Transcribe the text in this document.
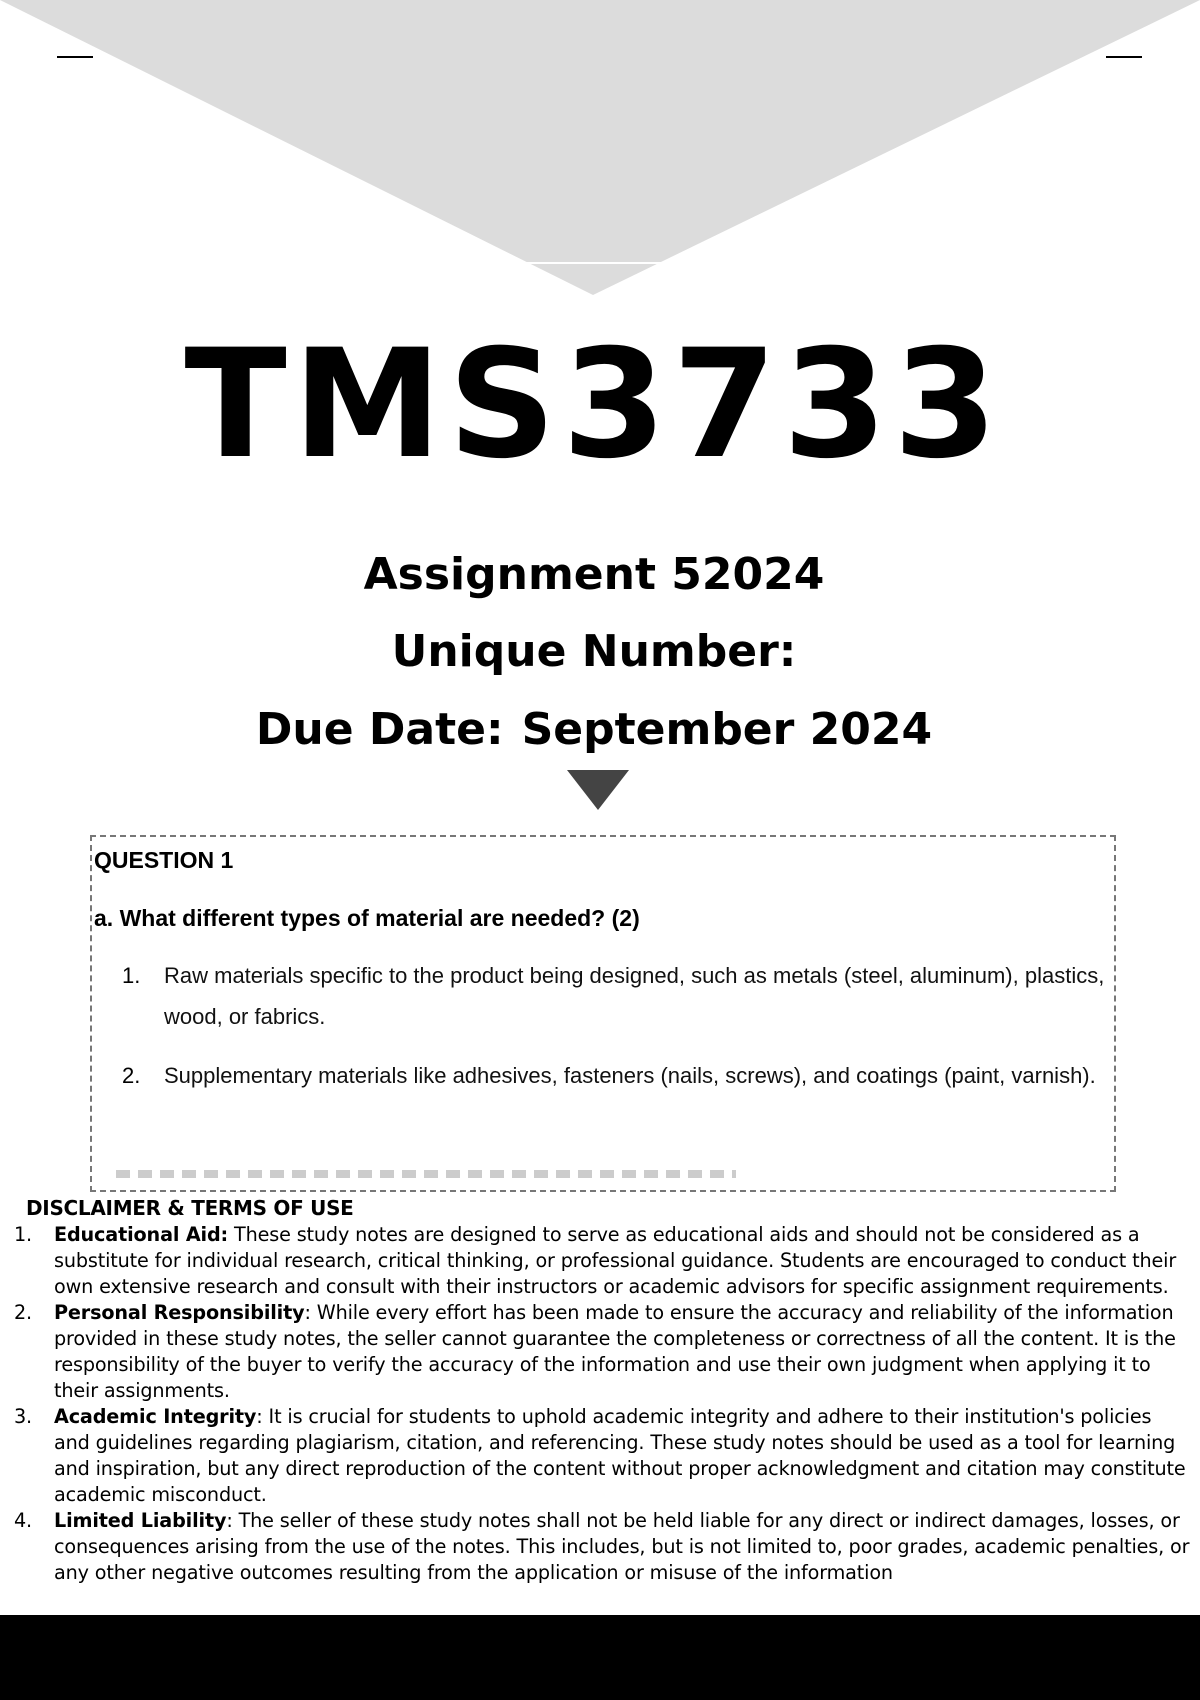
TMS3733
Assignment 52024
Unique Number:
Due Date: September 2024
QUESTION 1
a. What different types of material are needed? (2)
1.	Raw materials specific to the product being designed, such as metals (steel, aluminum), plastics, wood, or fabrics.
2.	Supplementary materials like adhesives, fasteners (nails, screws), and coatings (paint, varnish).
DISCLAIMER & TERMS OF USE
1.	Educational Aid: These study notes are designed to serve as educational aids and should not be considered as a substitute for individual research, critical thinking, or professional guidance. Students are encouraged to conduct their own extensive research and consult with their instructors or academic advisors for specific assignment requirements.
2.	Personal Responsibility: While every effort has been made to ensure the accuracy and reliability of the information provided in these study notes, the seller cannot guarantee the completeness or correctness of all the content. It is the responsibility of the buyer to verify the accuracy of the information and use their own judgment when applying it to their assignments.
3.	Academic Integrity: It is crucial for students to uphold academic integrity and adhere to their institution's policies and guidelines regarding plagiarism, citation, and referencing. These study notes should be used as a tool for learning and inspiration, but any direct reproduction of the content without proper acknowledgment and citation may constitute academic misconduct.
4.	Limited Liability: The seller of these study notes shall not be held liable for any direct or indirect damages, losses, or consequences arising from the use of the notes. This includes, but is not limited to, poor grades, academic penalties, or any other negative outcomes resulting from the application or misuse of the information
